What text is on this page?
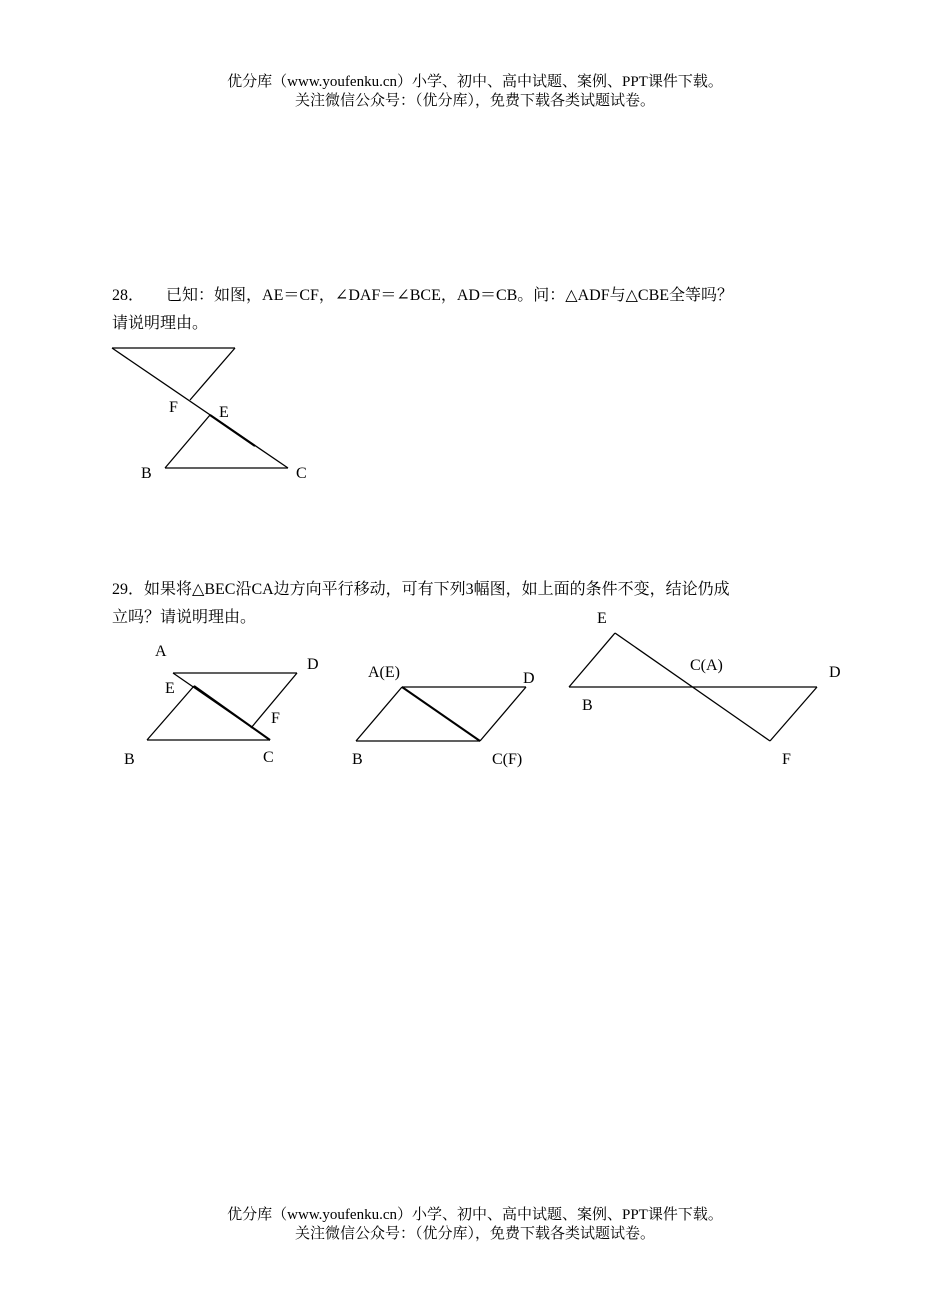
优分库（www.youfenku.cn）小学、初中、高中试题、案例、PPT课件下载。
关注微信公众号：（优分库），免费下载各类试题试卷。
28． 已知：如图，AE＝CF，∠DAF＝∠BCE，AD＝CB。问：△ADF与△CBE全等吗？
请说明理由。
F	E
B	C
29．如果将△BEC沿CA边方向平行移动，可有下列3幅图，如上面的条件不变，结论仍成
立吗？请说明理由。
A
D
E
F
B	C
A(E)	D
B	C(F)
E
C(A)	D
B
F
优分库（www.youfenku.cn）小学、初中、高中试题、案例、PPT课件下载。
关注微信公众号：（优分库），免费下载各类试题试卷。
